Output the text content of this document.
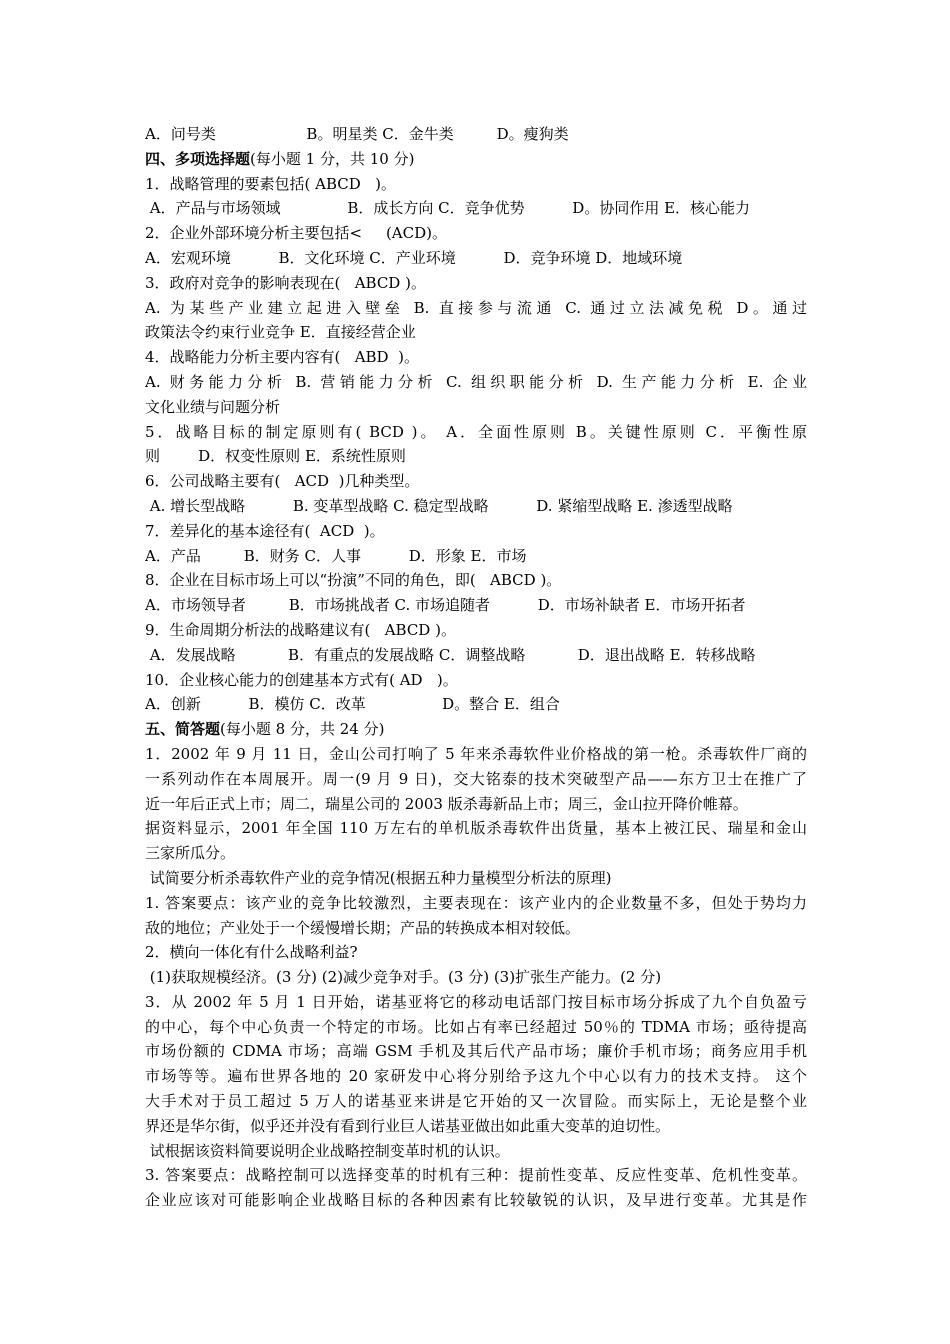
A．问号类                   B。明星类 C．金牛类         D。瘦狗类
四、多项选择题(每小题 1 分，共 10 分)
1．战略管理的要素包括( ABCD   )。
A．产品与市场领域              B．成长方向 C．竞争优势          D。协同作用 E．核心能力
2．企业外部环境分析主要包括<     (ACD)。
A．宏观环境          B．文化环境 C．产业环境          D．竞争环境 D．地域环境
3．政府对竞争的影响表现在(   ABCD )。
A. 为某些产业建立起进入壁垒 B. 直接参与流通 C. 通过立法减免税 D。通过
政策法令约束行业竞争 E．直接经营企业
4．战略能力分析主要内容有(   ABD  )。
A. 财务能力分析 B. 营销能力分析 C. 组织职能分析 D. 生产能力分析 E. 企业
文化业绩与问题分析
5．战略目标的制定原则有( BCD )。 A．全面性原则 B。关键性原则 C．平衡性原
则        D．权变性原则 E．系统性原则
6．公司战略主要有(   ACD  )几种类型。
A. 增长型战略          B. 变革型战略 C. 稳定型战略          D. 紧缩型战略 E. 渗透型战略
7．差异化的基本途径有(  ACD  )。
A．产品         B．财务 C．人事          D．形象 E．市场
8．企业在目标市场上可以“扮演”不同的角色，即(   ABCD )。
A．市场领导者         B．市场挑战者 C. 市场追随者          D．市场补缺者 E．市场开拓者
9．生命周期分析法的战略建议有(   ABCD )。
A．发展战略           B．有重点的发展战略 C．调整战略           D．退出战略 E．转移战略
10．企业核心能力的创建基本方式有( AD   )。
A．创新          B．模仿 C．改革                D。整合 E．组合
五、简答题(每小题 8 分，共 24 分)
1．2002 年 9 月 11 日，金山公司打响了 5 年来杀毒软件业价格战的第一枪。杀毒软件厂商的
一系列动作在本周展开。周一(9 月 9 日)，交大铭泰的技术突破型产品——东方卫士在推广了
近一年后正式上市；周二，瑞星公司的 2003 版杀毒新品上市；周三，金山拉开降价帷幕。
据资料显示，2001 年全国 110 万左右的单机版杀毒软件出货量，基本上被江民、瑞星和金山
三家所瓜分。
试简要分析杀毒软件产业的竞争情况(根据五种力量模型分析法的原理)
1. 答案要点：该产业的竞争比较激烈，主要表现在：该产业内的企业数量不多，但处于势均力
敌的地位；产业处于一个缓慢增长期；产品的转换成本相对较低。
2．横向一体化有什么战略利益?
(1)获取规模经济。(3 分) (2)减少竞争对手。(3 分) (3)扩张生产能力。(2 分)
3．从 2002 年 5 月 1 日开始，诺基亚将它的移动电话部门按目标市场分拆成了九个自负盈亏
的中心，每个中心负责一个特定的市场。比如占有率已经超过 50％的 TDMA 市场；亟待提高
市场份额的 CDMA 市场；高端 GSM 手机及其后代产品市场；廉价手机市场；商务应用手机
市场等等。遍布世界各地的 20 家研发中心将分别给予这九个中心以有力的技术支持。 这个
大手术对于员工超过 5 万人的诺基亚来讲是它开始的又一次冒险。而实际上，无论是整个业
界还是华尔街，似乎还并没有看到行业巨人诺基亚做出如此重大变革的迫切性。
试根据该资料简要说明企业战略控制变革时机的认识。
3. 答案要点：战略控制可以选择变革的时机有三种：提前性变革、反应性变革、危机性变革。
企业应该对可能影响企业战略目标的各种因素有比较敏锐的认识，及早进行变革。尤其是作
